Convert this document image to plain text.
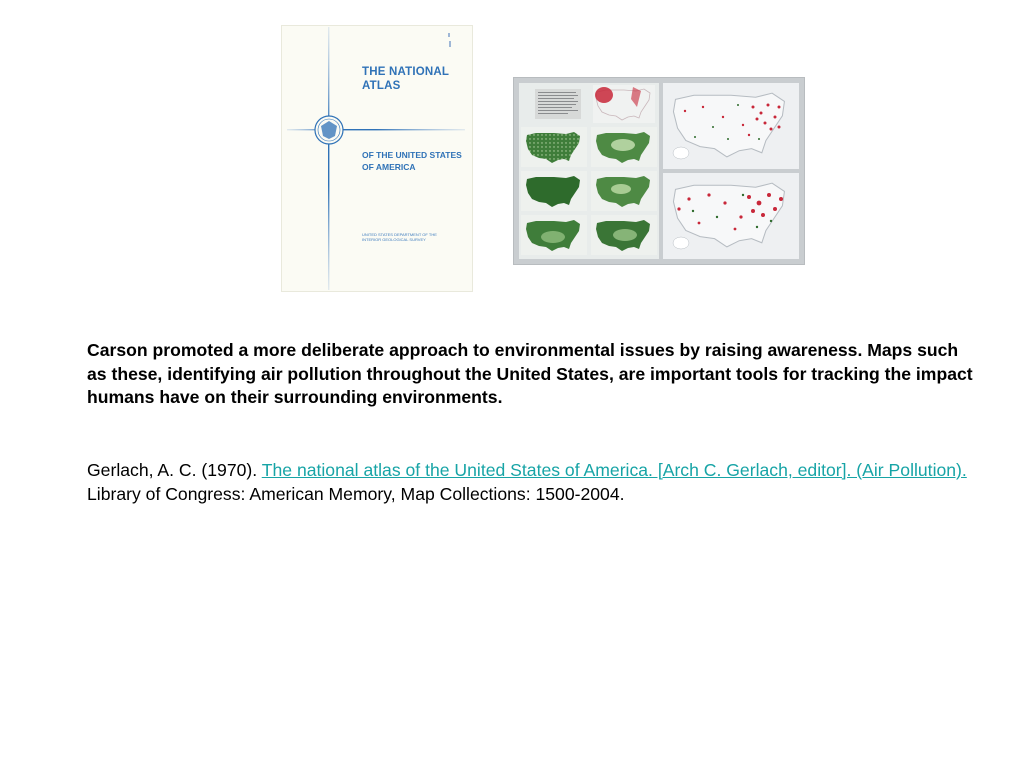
THE NATIONAL ATLAS
OF THE UNITED STATES OF AMERICA
UNITED STATES DEPARTMENT OF THE INTERIOR GEOLOGICAL SURVEY
Carson promoted a more deliberate approach to environmental issues by raising awareness. Maps such as these, identifying air pollution throughout the United States, are important tools for tracking the impact humans have on their surrounding environments.
Gerlach, A. C. (1970). The national atlas of the United States of America. [Arch C. Gerlach, editor]. (Air Pollution). Library of Congress: American Memory, Map Collections: 1500-2004.
